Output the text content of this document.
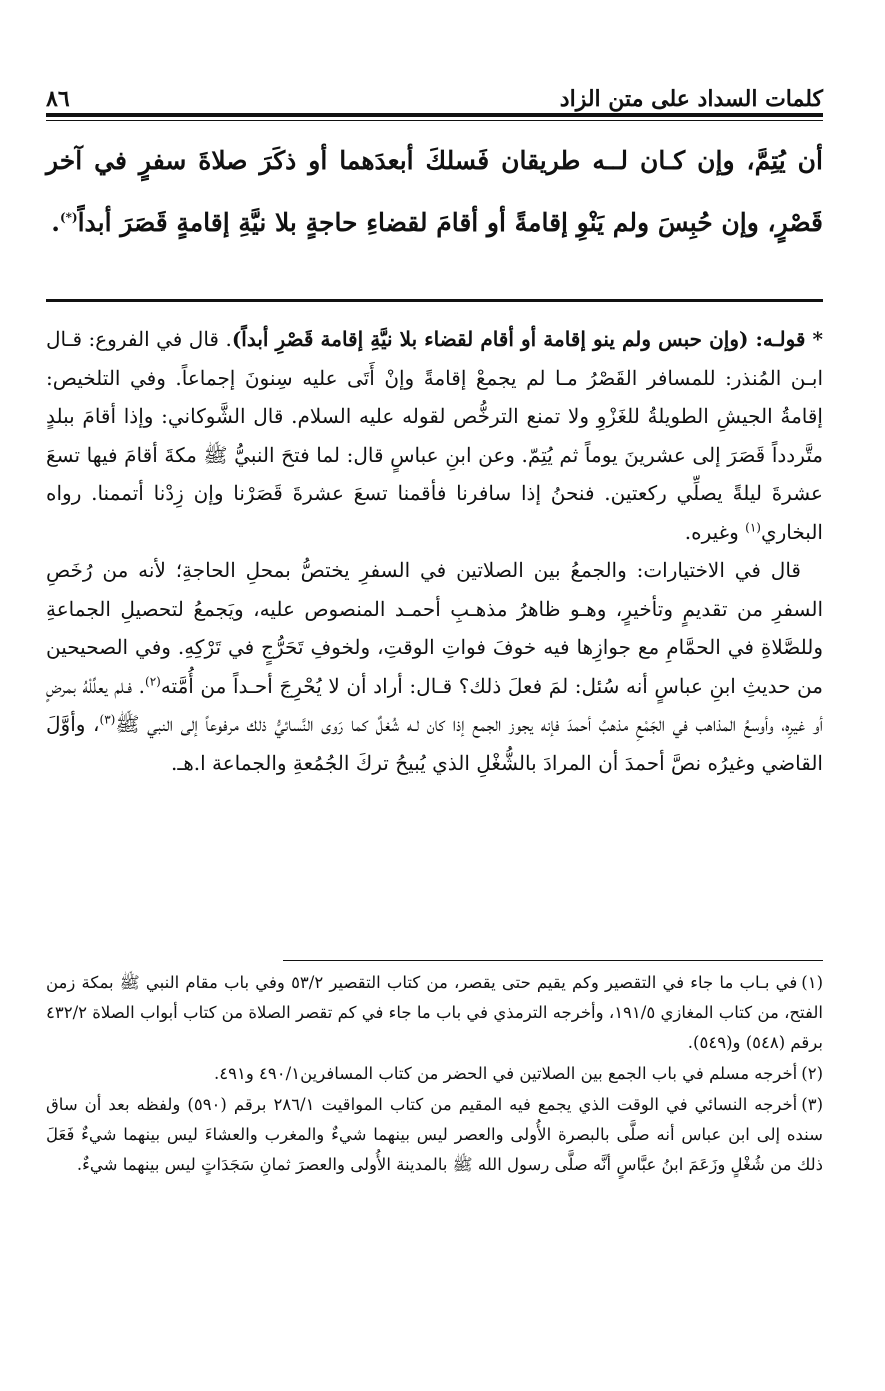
كلمات السداد على متن الزاد
٨٦
أن يُتِمَّ، وإن كـان لــه طريقان فَسلكَ أبعدَهما أو ذكَرَ صلاةَ سفرٍ في آخر قَصْرٍ، وإن حُبِسَ ولم يَنْوِ إقامةً أو أقامَ لقضاءِ حاجةٍ بلا نيَّةِ إقامةٍ قَصَرَ أبداً(*).

* قولـه: (وإن حبس ولم ينو إقامة أو أقام لقضاء بلا نيَّةِ إقامة قَصْرِ أبداً). قال في الفروع: قـال ابـن المُنذر: للمسافر القَصْرُ مـا لم يجمعْ إقامةً وإنْ أَتَى عليه سِنونَ إجماعاً. وفي التلخيص: إقامةُ الجيشِ الطويلةُ للغَزْوِ ولا تمنع الترخُّص لقوله عليه السلام. قال الشَّوكاني: وإذا أقامَ ببلدٍ متَّردداً قَصَرَ إلى عشرينَ يوماً ثم يُتِمّ. وعن ابنِ عباسٍ قال: لما فتحَ النبيُّ ﷺ مكةَ أقامَ فيها تسعَ عشرةَ ليلةً يصلِّي ركعتين. فنحنُ إذا سافرنا فأقمنا تسعَ عشرةَ قَصَرْنا وإن زِدْنا أتممنا. رواه البخاري$^{(١)}$ وغيره.

قال في الاختيارات: والجمعُ بين الصلاتين في السفرِ يختصُّ بمحلِ الحاجةِ؛ لأنه من رُخَصِ السفرِ من تقديمٍ وتأخيرٍ، وهـو ظاهرُ مذهـبِ أحمـد المنصوص عليه، ويَجمعُ لتحصيلِ الجماعةِ وللصَّلاةِ في الحمَّامِ مع جوازِها فيه خوفَ فواتِ الوقتِ، ولخوفِ تَحَرُّجٍ في تَرْكِهِ. وفي الصحيحين من حديثِ ابنِ عباسٍ أنه سُئل: لمَ فعلَ ذلك؟ قـال: أراد أن لا يُحْرِجَ أحـداً من أُمَّته$^{(٢)}$. فـلم يعلِّلْهُ بمرضٍ أو غيرِه، وأوسعُ المذاهب في الجَمْعِ مذهبُ أحمدَ فإنه يجوز الجمع إذا كان لـه شُغلٌ كما رَوى النَّسائيُّ ذلك مرفوعاً إلى النبي ﷺ$^{(٣)}$، وأوَّلَ القاضي وغيرُه نصَّ أحمدَ أن المرادَ بالشُّغْلِ الذي يُبيحُ تركَ الجُمُعةِ والجماعة ا.هـ.

(١)في بـاب ما جاء في التقصير وكم يقيم حتى يقصر، من كتاب التقصير ٥٣/٢ وفي باب مقام النبي ﷺ بمكة زمن الفتح، من كتاب المغازي ١٩١/٥، وأخرجه الترمذي في باب ما جاء في كم تقصر الصلاة من كتاب أبواب الصلاة ٤٣٢/٢ برقم (٥٤٨) و(٥٤٩).

(٢)أخرجه مسلم في باب الجمع بين الصلاتين في الحضر من كتاب المسافرين٤٩٠/١ و٤٩١.

(٣)أخرجه النسائي في الوقت الذي يجمع فيه المقيم من كتاب المواقيت ٢٨٦/١ برقم (٥٩٠) ولفظه بعد أن ساق سنده إلى ابن عباس أنه صلَّى بالبصرة الأُولى والعصر ليس بينهما شيءٌ والمغرب والعشاءَ ليس بينهما شيءٌ فَعَلَ ذلك من شُغْلٍ وزَعَمَ ابنُ عبَّاسٍ أنَّه صلَّى رسول الله ﷺ بالمدينة الأُولى والعصرَ ثمانِ سَجَدَاتٍ ليس بينهما شيءٌ.
